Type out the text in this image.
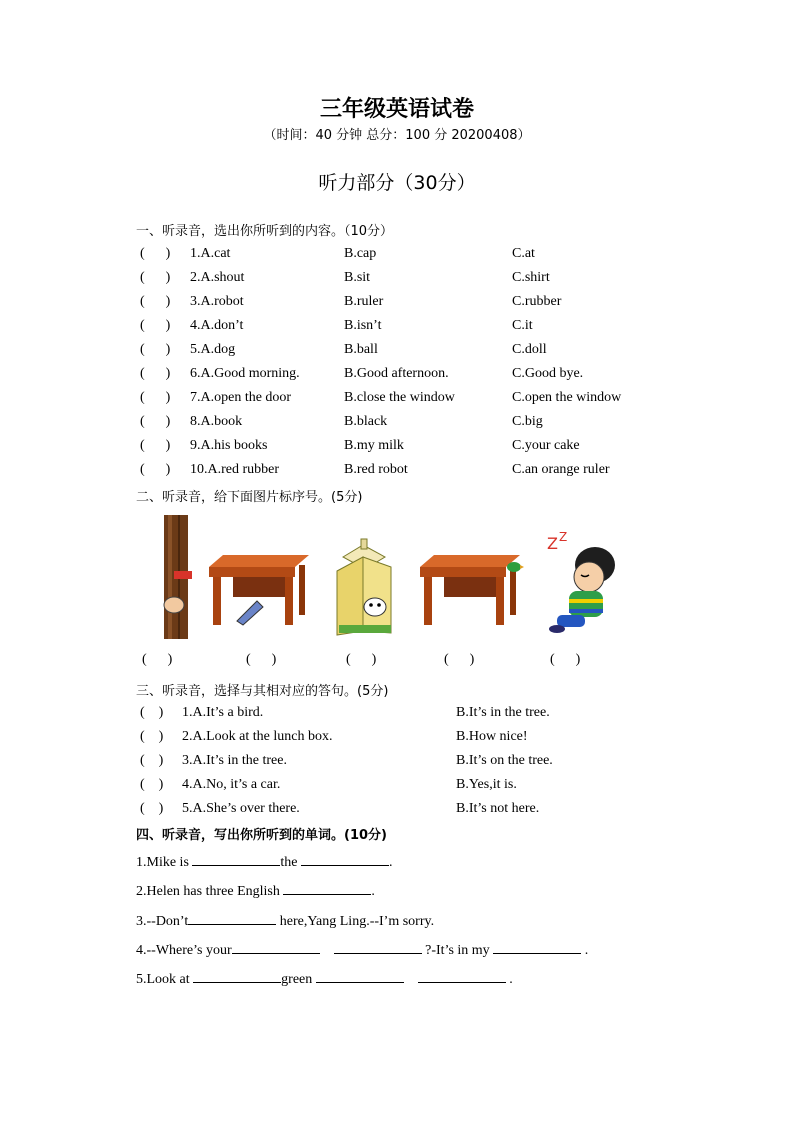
三年级英语试卷
（时间：40 分钟 总分：100 分 20200408）
听力部分（30分）
一、听录音，选出你所听到的内容。（10分）
(      ) 1.A.cat	B.cap	C.at
(      ) 2.A.shout	B.sit	C.shirt
(      ) 3.A.robot	B.ruler	C.rubber
(      ) 4.A.don’t	B.isn’t	C.it
(      ) 5.A.dog	B.ball	C.doll
(      ) 6.A.Good morning.	B.Good afternoon.	C.Good bye.
(      ) 7.A.open the door	B.close the window	C.open the window
(      ) 8.A.book	B.black	C.big
(      ) 9.A.his books	B.my milk	C.your cake
(      ) 10.A.red rubber	B.red robot	C.an orange ruler
二、听录音，给下面图片标序号。(5分)
Z Z
(      )	(      )	(      )	(      )	(      )
三、听录音，选择与其相对应的答句。(5分)
(    ) 1.A.It’s a bird.	B.It’s in the tree.
(    ) 2.A.Look at the lunch box.	B.How nice!
(    ) 3.A.It’s in the tree.	B.It’s on the tree.
(    ) 4.A.No, it’s a car.	B.Yes,it is.
(    ) 5.A.She’s over there.	B.It’s not here.
四、听录音，写出你所听到的单词。(10分)
1.Mike is	the	.
2.Helen has three English	.
3.--Don’t	here,Yang Ling.--I’m sorry.
4.--Where’s your	?-It’s in my	.
5.Look at	green	.
